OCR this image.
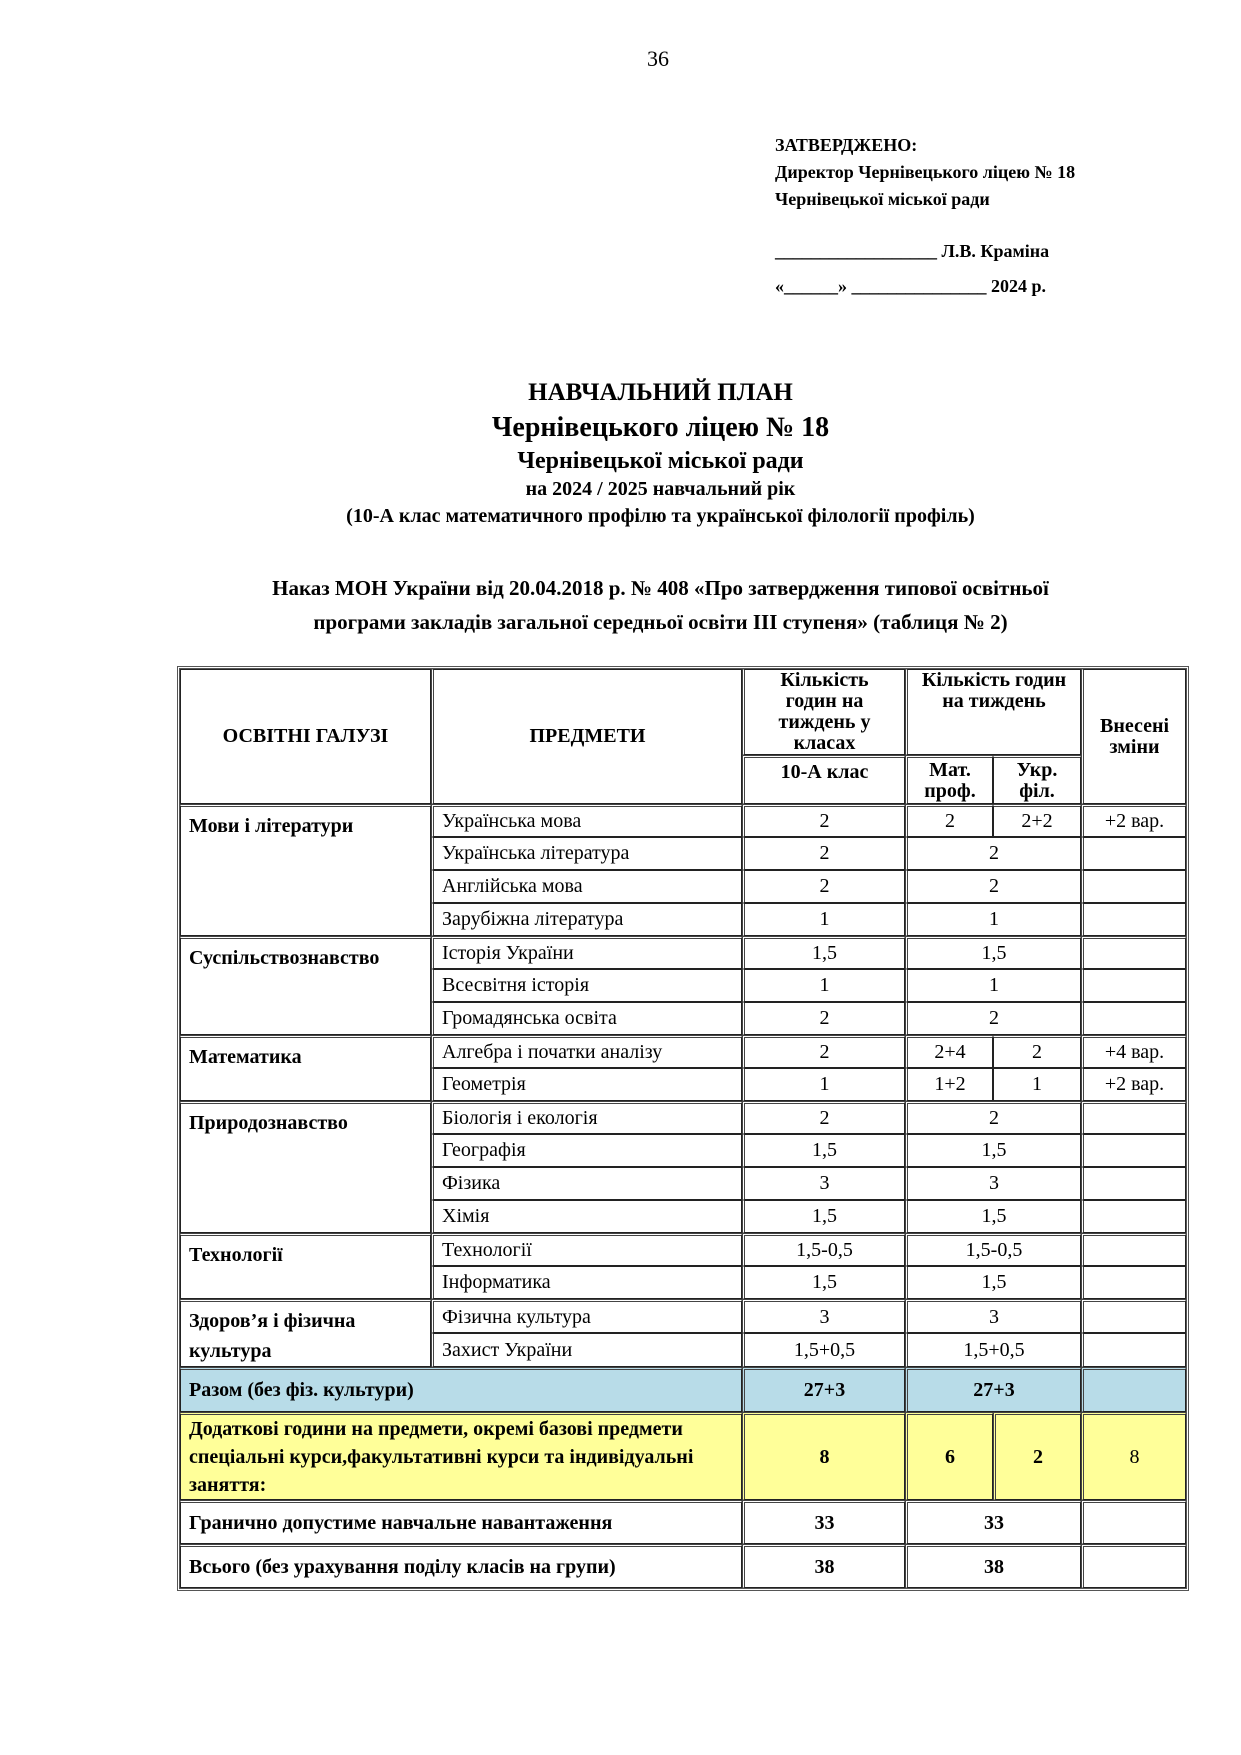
36
ЗАТВЕРДЖЕНО:
Директор Чернівецького ліцею № 18
Чернівецької міської ради
__________________ Л.В. Краміна
«______» _______________ 2024 р.
НАВЧАЛЬНИЙ ПЛАН
Чернівецького ліцею № 18
Чернівецької міської ради
на 2024 / 2025 навчальний рік
(10-А клас математичного профілю та української філології профіль)
Наказ МОН України від 20.04.2018 р. № 408 «Про затвердження типової освітньої
програми закладів загальної середньої освіти ІІІ ступеня» (таблиця № 2)
ОСВІТНІ ГАЛУЗІ	ПРЕДМЕТИ	Кількість годин на тиждень у класах	Кількість годин на тиждень		Внесені зміни
		10-А клас	Мат. проф.	Укр. філ.	
Мови і літератури	Українська мова	2	2	2+2	+2 вар.
	Українська література	2	2		
	Англійська мова	2	2		
	Зарубіжна література	1	1		
Суспільствознавство	Історія України	1,5	1,5		
	Всесвітня історія	1	1		
	Громадянська освіта	2	2		
Математика	Алгебра і початки аналізу	2	2+4	2	+4 вар.
	Геометрія	1	1+2	1	+2 вар.
Природознавство	Біологія і екологія	2	2		
	Географія	1,5	1,5		
	Фізика	3	3		
	Хімія	1,5	1,5		
Технології	Технології	1,5-0,5	1,5-0,5		
	Інформатика	1,5	1,5		
Здоров’я і фізична культура	Фізична культура	3	3		
	Захист України	1,5+0,5	1,5+0,5		
Разом (без фіз. культури)		27+3	27+3		
Додаткові години на предмети, окремі базові предмети спеціальні курси,факультативні курси та індивідуальні заняття:		8	6	2	8
Гранично допустиме навчальне навантаження		33	33		
Всього (без урахування поділу класів на групи)		38	38		
